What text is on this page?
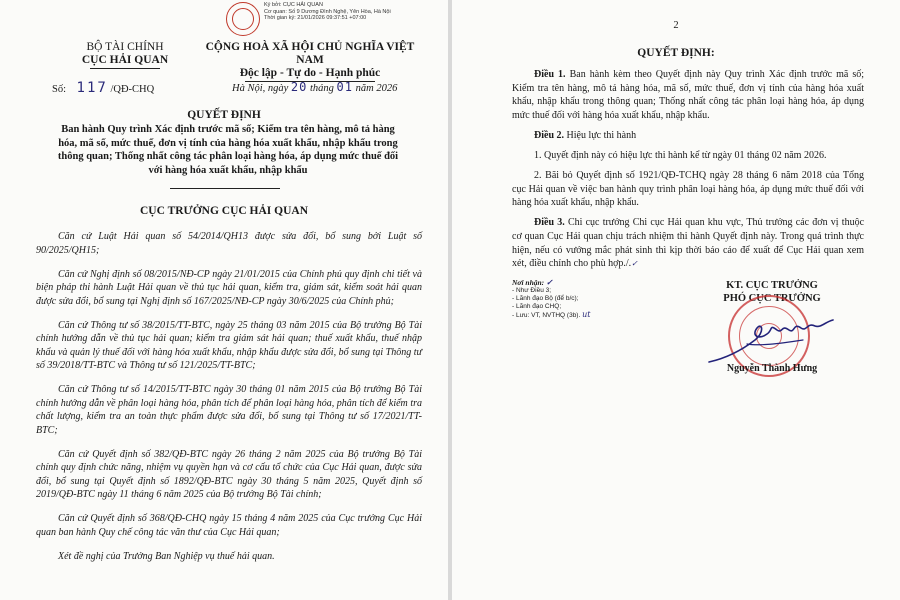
Ký bởi: CỤC HẢI QUAN
Cơ quan: Số 9 Dương Đình Nghệ, Yên Hòa, Hà Nội
Thời gian ký: 21/01/2026 09:37:51 +07:00
BỘ TÀI CHÍNH
CỤC HẢI QUAN
CỘNG HOÀ XÃ HỘI CHỦ NGHĨA VIỆT NAM
Độc lập - Tự do - Hạnh phúc
Số: 117 /QĐ-CHQ	Hà Nội, ngày 20 tháng 01 năm 2026
QUYẾT ĐỊNH
Ban hành Quy trình Xác định trước mã số; Kiểm tra tên hàng, mô tả hàng hóa, mã số, mức thuế, đơn vị tính của hàng hóa xuất khẩu, nhập khẩu trong thông quan; Thống nhất công tác phân loại hàng hóa, áp dụng mức thuế đối với hàng hóa xuất khẩu, nhập khẩu
CỤC TRƯỞNG CỤC HẢI QUAN

Căn cứ Luật Hải quan số 54/2014/QH13 được sửa đổi, bổ sung bởi Luật số 90/2025/QH15;

Căn cứ Nghị định số 08/2015/NĐ-CP ngày 21/01/2015 của Chính phủ quy định chi tiết và biện pháp thi hành Luật Hải quan về thủ tục hải quan, kiểm tra, giám sát, kiểm soát hải quan được sửa đổi, bổ sung tại Nghị định số 167/2025/NĐ-CP ngày 30/6/2025 của Chính phủ;

Căn cứ Thông tư số 38/2015/TT-BTC, ngày 25 tháng 03 năm 2015 của Bộ trưởng Bộ Tài chính hướng dẫn về thủ tục hải quan; kiểm tra giám sát hải quan; thuế xuất khẩu, thuế nhập khẩu và quản lý thuế đối với hàng hóa xuất khẩu, nhập khẩu được sửa đổi, bổ sung tại Thông tư số 39/2018/TT-BTC và Thông tư số 121/2025/TT-BTC;

Căn cứ Thông tư số 14/2015/TT-BTC ngày 30 tháng 01 năm 2015 của Bộ trưởng Bộ Tài chính hướng dẫn về phân loại hàng hóa, phân tích để phân loại hàng hóa, phân tích để kiểm tra chất lượng, kiểm tra an toàn thực phẩm được sửa đổi, bổ sung tại Thông tư số 17/2021/TT-BTC;

Căn cứ Quyết định số 382/QĐ-BTC ngày 26 tháng 2 năm 2025 của Bộ trưởng Bộ Tài chính quy định chức năng, nhiệm vụ quyền hạn và cơ cấu tổ chức của Cục Hải quan, được sửa đổi, bổ sung tại Quyết định số 1892/QĐ-BTC ngày 30 tháng 5 năm 2025, Quyết định số 2019/QĐ-BTC ngày 11 tháng 6 năm 2025 của Bộ trưởng Bộ Tài chính;

Căn cứ Quyết định số 368/QĐ-CHQ ngày 15 tháng 4 năm 2025 của Cục trưởng Cục Hải quan ban hành Quy chế công tác văn thư của Cục Hải quan;

Xét đề nghị của Trưởng Ban Nghiệp vụ thuế hải quan.

2
QUYẾT ĐỊNH:

Điều 1. Ban hành kèm theo Quyết định này Quy trình Xác định trước mã số; Kiểm tra tên hàng, mô tả hàng hóa, mã số, mức thuế, đơn vị tính của hàng hóa xuất khẩu, nhập khẩu trong thông quan; Thống nhất công tác phân loại hàng hóa, áp dụng mức thuế đối với hàng hóa xuất khẩu, nhập khẩu.

Điều 2. Hiệu lực thi hành

1. Quyết định này có hiệu lực thi hành kể từ ngày 01 tháng 02 năm 2026.

2. Bãi bỏ Quyết định số 1921/QĐ-TCHQ ngày 28 tháng 6 năm 2018 của Tổng cục Hải quan về việc ban hành quy trình phân loại hàng hóa, áp dụng mức thuế đối với hàng hóa xuất khẩu, nhập khẩu.

Điều 3. Chi cục trưởng Chi cục Hải quan khu vực, Thủ trưởng các đơn vị thuộc cơ quan Cục Hải quan chịu trách nhiệm thi hành Quyết định này. Trong quá trình thực hiện, nếu có vướng mắc phát sinh thì kịp thời báo cáo để xuất để Cục Hải quan xem xét, điều chỉnh cho phù hợp./.✓

Nơi nhận: ✓
- Như Điều 3;
- Lãnh đạo Bộ (để b/c);
- Lãnh đạo CHQ;
- Lưu: VT, NVTHQ (3b). ut
KT. CỤC TRƯỞNG
PHÓ CỤC TRƯỞNG
Nguyễn Thành Hưng
